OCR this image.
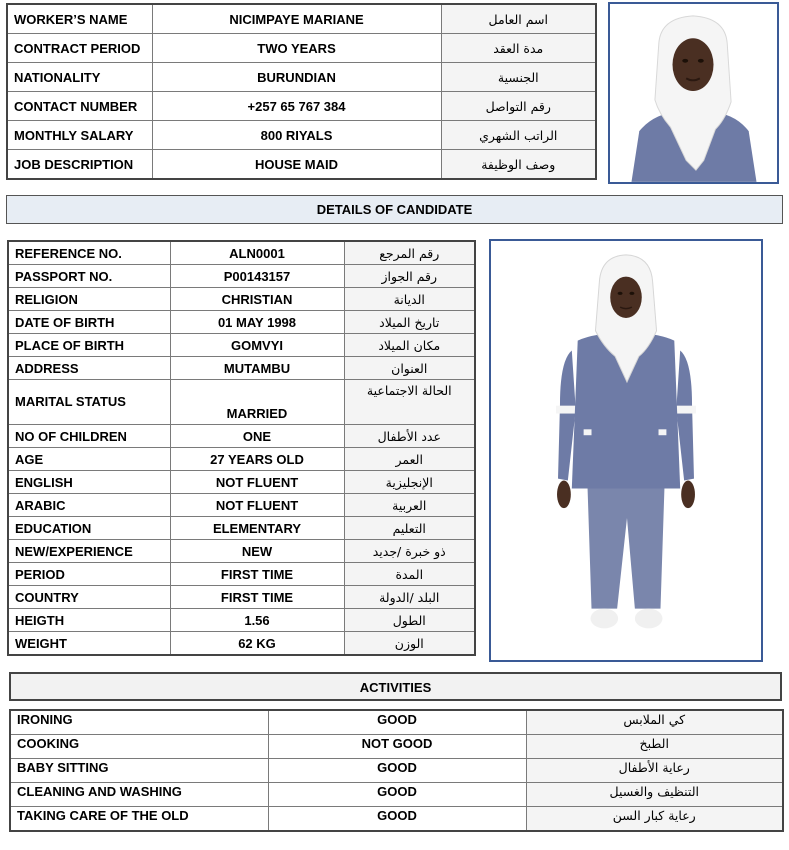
WORKER’S NAME	NICIMPAYE MARIANE	اسم العامل
CONTRACT PERIOD	TWO YEARS	مدة العقد
NATIONALITY	BURUNDIAN	الجنسية
CONTACT NUMBER	+257 65 767 384	رقم التواصل
MONTHLY SALARY	800 RIYALS	الراتب الشهري
JOB DESCRIPTION	HOUSE MAID	وصف الوظيفة
DETAILS OF CANDIDATE
REFERENCE NO.	ALN0001	رقم المرجع
PASSPORT NO.	P00143157	رقم الجواز
RELIGION	CHRISTIAN	الديانة
DATE OF BIRTH	01 MAY 1998	تاريخ الميلاد
PLACE OF BIRTH	GOMVYI	مكان الميلاد
ADDRESS	MUTAMBU	العنوان
MARITAL STATUS	MARRIED	الحالة الاجتماعية
NO OF CHILDREN	ONE	عدد الأطفال
AGE	27 YEARS OLD	العمر
ENGLISH	NOT FLUENT	الإنجليزية
ARABIC	NOT FLUENT	العربية
EDUCATION	ELEMENTARY	التعليم
NEW/EXPERIENCE	NEW	ذو خبرة /جديد
PERIOD	FIRST TIME	المدة
COUNTRY	FIRST TIME	البلد /الدولة
HEIGTH	1.56	الطول
WEIGHT	62 KG	الوزن
ACTIVITIES
IRONING	GOOD	كي الملابس
COOKING	NOT GOOD	الطبخ
BABY SITTING	GOOD	رعاية الأطفال
CLEANING AND WASHING	GOOD	التنظيف والغسيل
TAKING CARE OF THE OLD	GOOD	رعاية كبار السن
